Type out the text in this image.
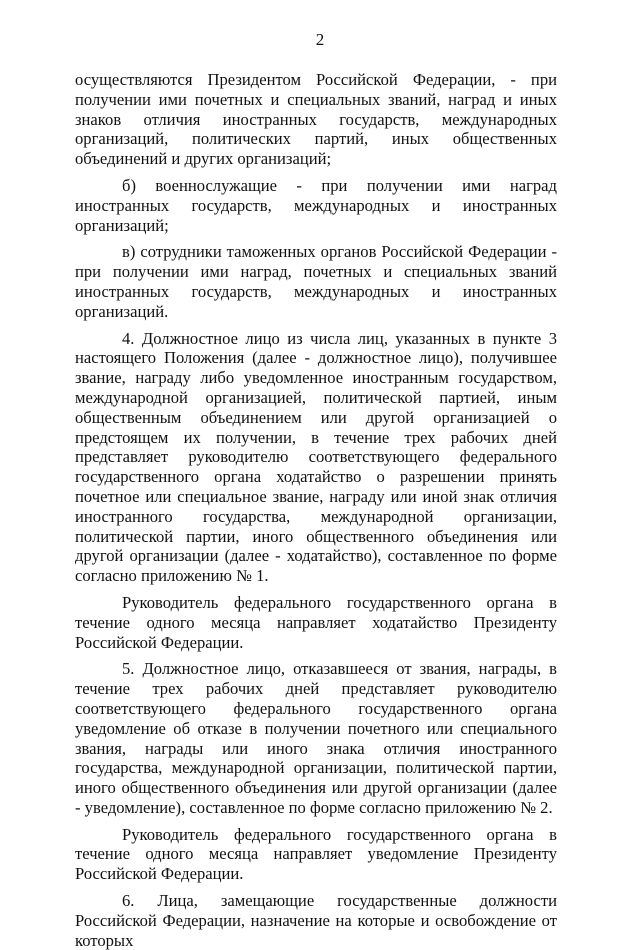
2

осуществляются Президентом Российской Федерации, - при получении ими почетных и специальных званий, наград и иных знаков отличия иностранных государств, международных организаций, политических партий, иных общественных объединений и других организаций;

б) военнослужащие - при получении ими наград иностранных государств, международных и иностранных организаций;

в) сотрудники таможенных органов Российской Федерации - при получении ими наград, почетных и специальных званий иностранных государств, международных и иностранных организаций.

4. Должностное лицо из числа лиц, указанных в пункте 3 настоящего Положения (далее - должностное лицо), получившее звание, награду либо уведомленное иностранным государством, международной организацией, политической партией, иным общественным объединением или другой организацией о предстоящем их получении, в течение трех рабочих дней представляет руководителю соответствующего федерального государственного органа ходатайство о разрешении принять почетное или специальное звание, награду или иной знак отличия иностранного государства, международной организации, политической партии, иного общественного объединения или другой организации (далее - ходатайство), составленное по форме согласно приложению № 1.

Руководитель федерального государственного органа в течение одного месяца направляет ходатайство Президенту Российской Федерации.

5. Должностное лицо, отказавшееся от звания, награды, в течение трех рабочих дней представляет руководителю соответствующего федерального государственного органа уведомление об отказе в получении почетного или специального звания, награды или иного знака отличия иностранного государства, международной организации, политической партии, иного общественного объединения или другой организации (далее - уведомление), составленное по форме согласно приложению № 2.

Руководитель федерального государственного органа в течение одного месяца направляет уведомление Президенту Российской Федерации.

6. Лица, замещающие государственные должности Российской Федерации, назначение на которые и освобождение от которых
